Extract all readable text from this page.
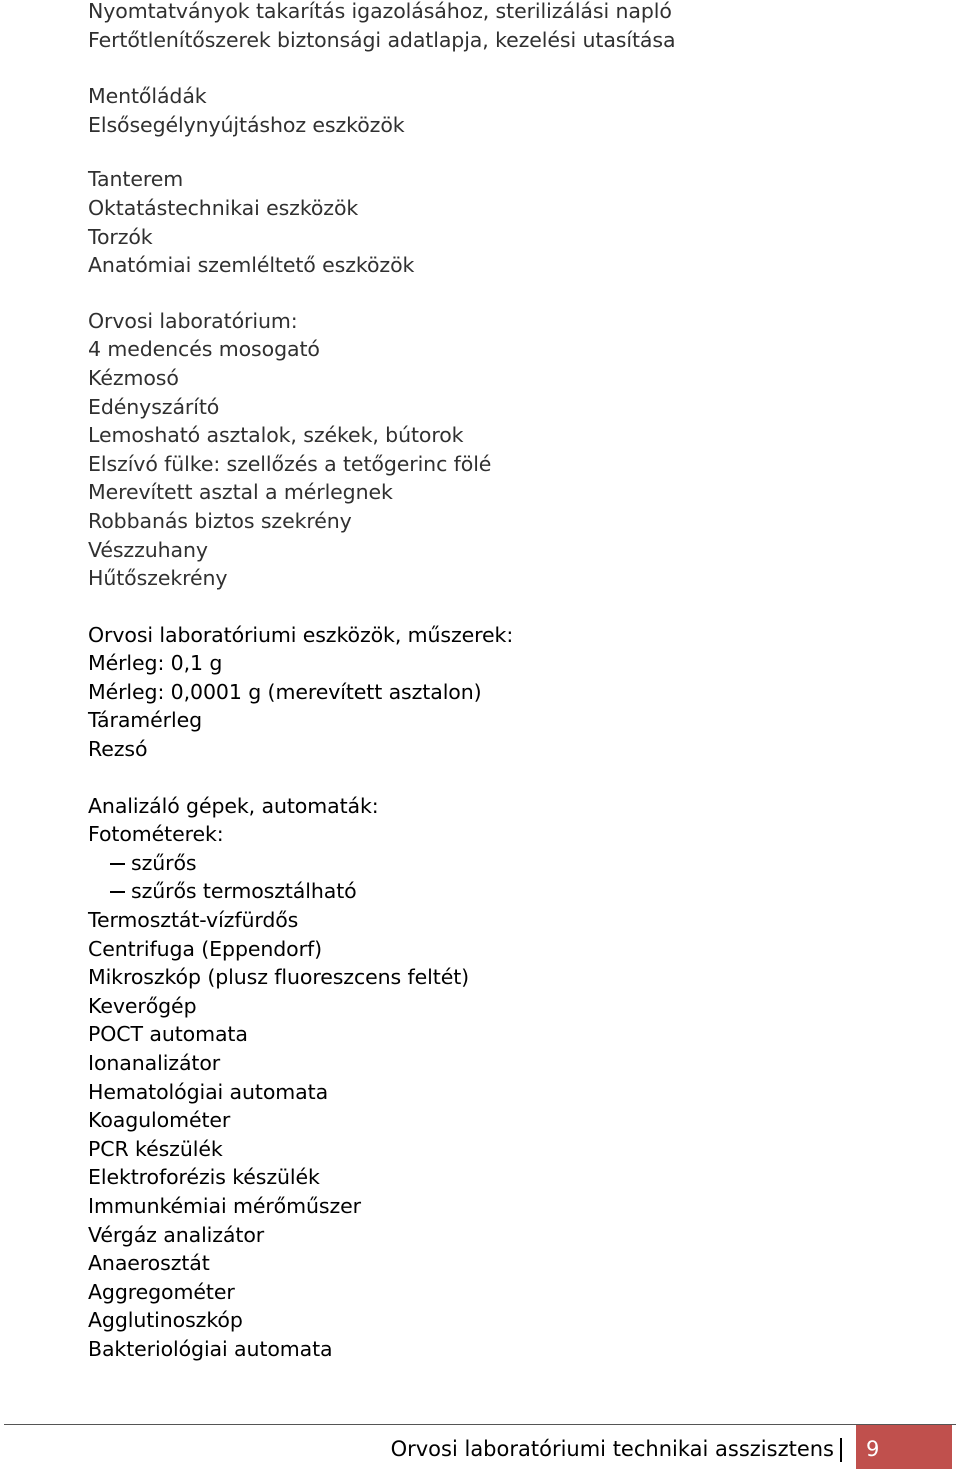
Nyomtatványok takarítás igazolásához, sterilizálási napló
Fertőtlenítőszerek biztonsági adatlapja, kezelési utasítása
Mentőládák
Elsősegélynyújtáshoz eszközök
Tanterem
Oktatástechnikai eszközök
Torzók
Anatómiai szemléltető eszközök
Orvosi laboratórium:
4 medencés mosogató
Kézmosó
Edényszárító
Lemosható asztalok, székek, bútorok
Elszívó fülke: szellőzés a tetőgerinc fölé
Merevített asztal a mérlegnek
Robbanás biztos szekrény
Vészzuhany
Hűtőszekrény
Orvosi laboratóriumi eszközök, műszerek:
Mérleg: 0,1 g
Mérleg: 0,0001 g (merevített asztalon)
Táramérleg
Rezsó
Analizáló gépek, automaták:
Fotométerek:
szűrős
szűrős termosztálható
Termosztát-vízfürdős
Centrifuga (Eppendorf)
Mikroszkóp (plusz fluoreszcens feltét)
Keverőgép
POCT automata
Ionanalizátor
Hematológiai automata
Koagulométer
PCR készülék
Elektroforézis készülék
Immunkémiai mérőműszer
Vérgáz analizátor
Anaerosztát
Aggregométer
Agglutinoszkóp
Bakteriológiai automata
Orvosi laboratóriumi technikai asszisztens 9
